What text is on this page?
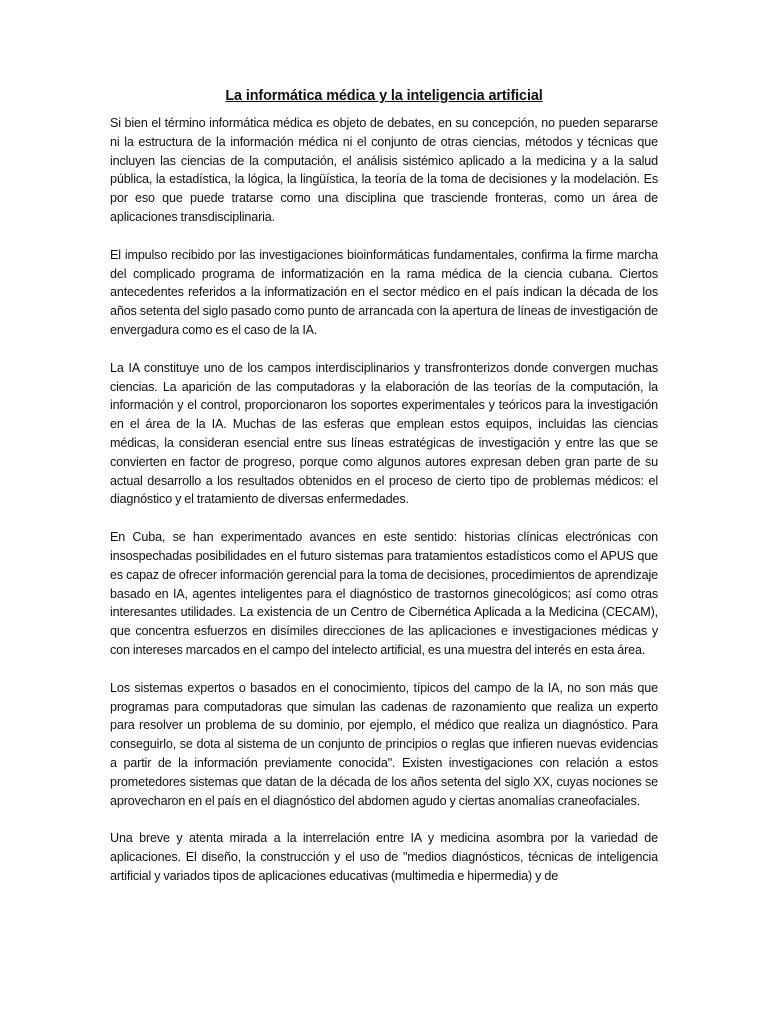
La informática médica y la inteligencia artificial

Si bien el término informática médica es objeto de debates, en su concepción, no pueden separarse ni la estructura de la información médica ni el conjunto de otras ciencias, métodos y técnicas que incluyen las ciencias de la computación, el análisis sistémico aplicado a la medicina y a la salud pública, la estadística, la lógica, la lingüística, la teoría de la toma de decisiones y la modelación. Es por eso que puede tratarse como una disciplina que trasciende fronteras, como un área de aplicaciones transdisciplinaria.

El impulso recibido por las investigaciones bioinformáticas fundamentales, confirma la firme marcha del complicado programa de informatización en la rama médica de la ciencia cubana. Ciertos antecedentes referidos a la informatización en el sector médico en el país indican la década de los años setenta del siglo pasado como punto de arrancada con la apertura de líneas de investigación de envergadura como es el caso de la IA.

La IA constituye uno de los campos interdisciplinarios y transfronterizos donde convergen muchas ciencias. La aparición de las computadoras y la elaboración de las teorías de la computación, la información y el control, proporcionaron los soportes experimentales y teóricos para la investigación en el área de la IA. Muchas de las esferas que emplean estos equipos, incluidas las ciencias médicas, la consideran esencial entre sus líneas estratégicas de investigación y entre las que se convierten en factor de progreso, porque como algunos autores expresan deben gran parte de su actual desarrollo a los resultados obtenidos en el proceso de cierto tipo de problemas médicos: el diagnóstico y el tratamiento de diversas enfermedades.

En Cuba, se han experimentado avances en este sentido: historias clínicas electrónicas con insospechadas posibilidades en el futuro sistemas para tratamientos estadísticos como el APUS que es capaz de ofrecer información gerencial para la toma de decisiones, procedimientos de aprendizaje basado en IA, agentes inteligentes para el diagnóstico de trastornos ginecológicos; así como otras interesantes utilidades. La existencia de un Centro de Cibernética Aplicada a la Medicina (CECAM), que concentra esfuerzos en disímiles direcciones de las aplicaciones e investigaciones médicas y con intereses marcados en el campo del intelecto artificial, es una muestra del interés en esta área.

Los sistemas expertos o basados en el conocimiento, típicos del campo de la IA, no son más que programas para computadoras que simulan las cadenas de razonamiento que realiza un experto para resolver un problema de su dominio, por ejemplo, el médico que realiza un diagnóstico. Para conseguirlo, se dota al sistema de un conjunto de principios o reglas que infieren nuevas evidencias a partir de la información previamente conocida". Existen investigaciones con relación a estos prometedores sistemas que datan de la década de los años setenta del siglo XX, cuyas nociones se aprovecharon en el país en el diagnóstico del abdomen agudo y ciertas anomalías craneofaciales.

Una breve y atenta mirada a la interrelación entre IA y medicina asombra por la variedad de aplicaciones. El diseño, la construcción y el uso de "medios diagnósticos, técnicas de inteligencia artificial y variados tipos de aplicaciones educativas (multimedia e hipermedia) y de
